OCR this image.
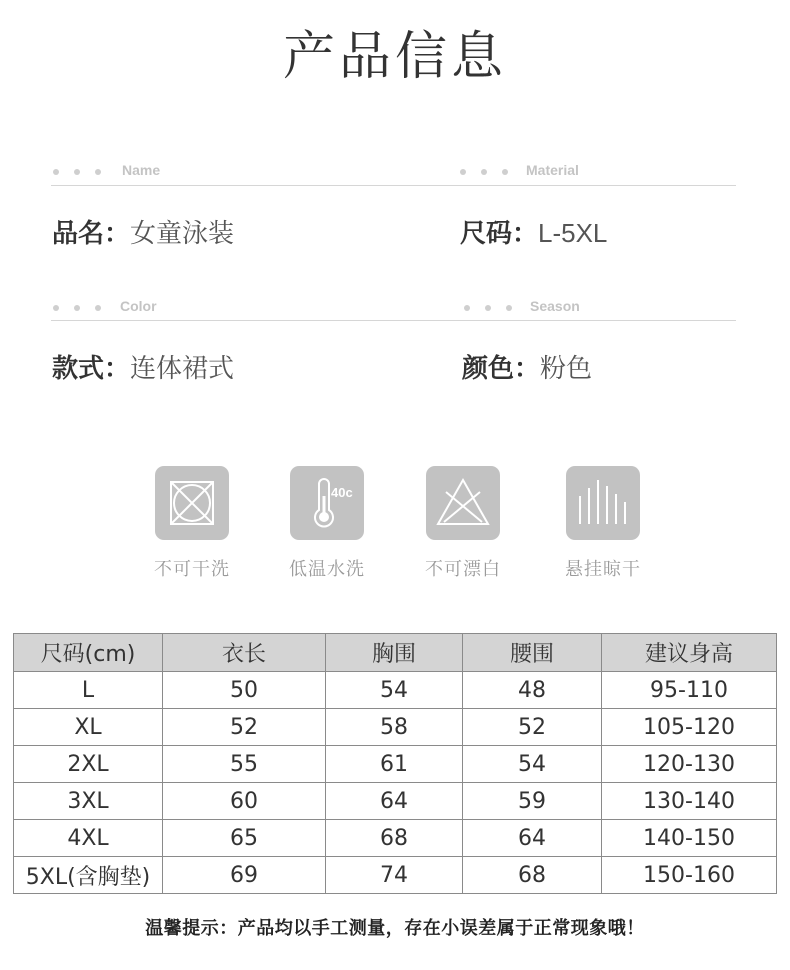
产品信息
Name
品名：女童泳装
Material
尺码：L-5XL
Color
款式：连体裙式
Season
颜色：粉色
不可干洗
40c
低温水洗	不可漂白	悬挂晾干
尺码(cm)	衣长	胸围	腰围	建议身高
L	50	54	48	95-110
XL	52	58	52	105-120
2XL	55	61	54	120-130
3XL	60	64	59	130-140
4XL	65	68	64	140-150
5XL(含胸垫)	69	74	68	150-160
温馨提示：产品均以手工测量，存在小误差属于正常现象哦！
